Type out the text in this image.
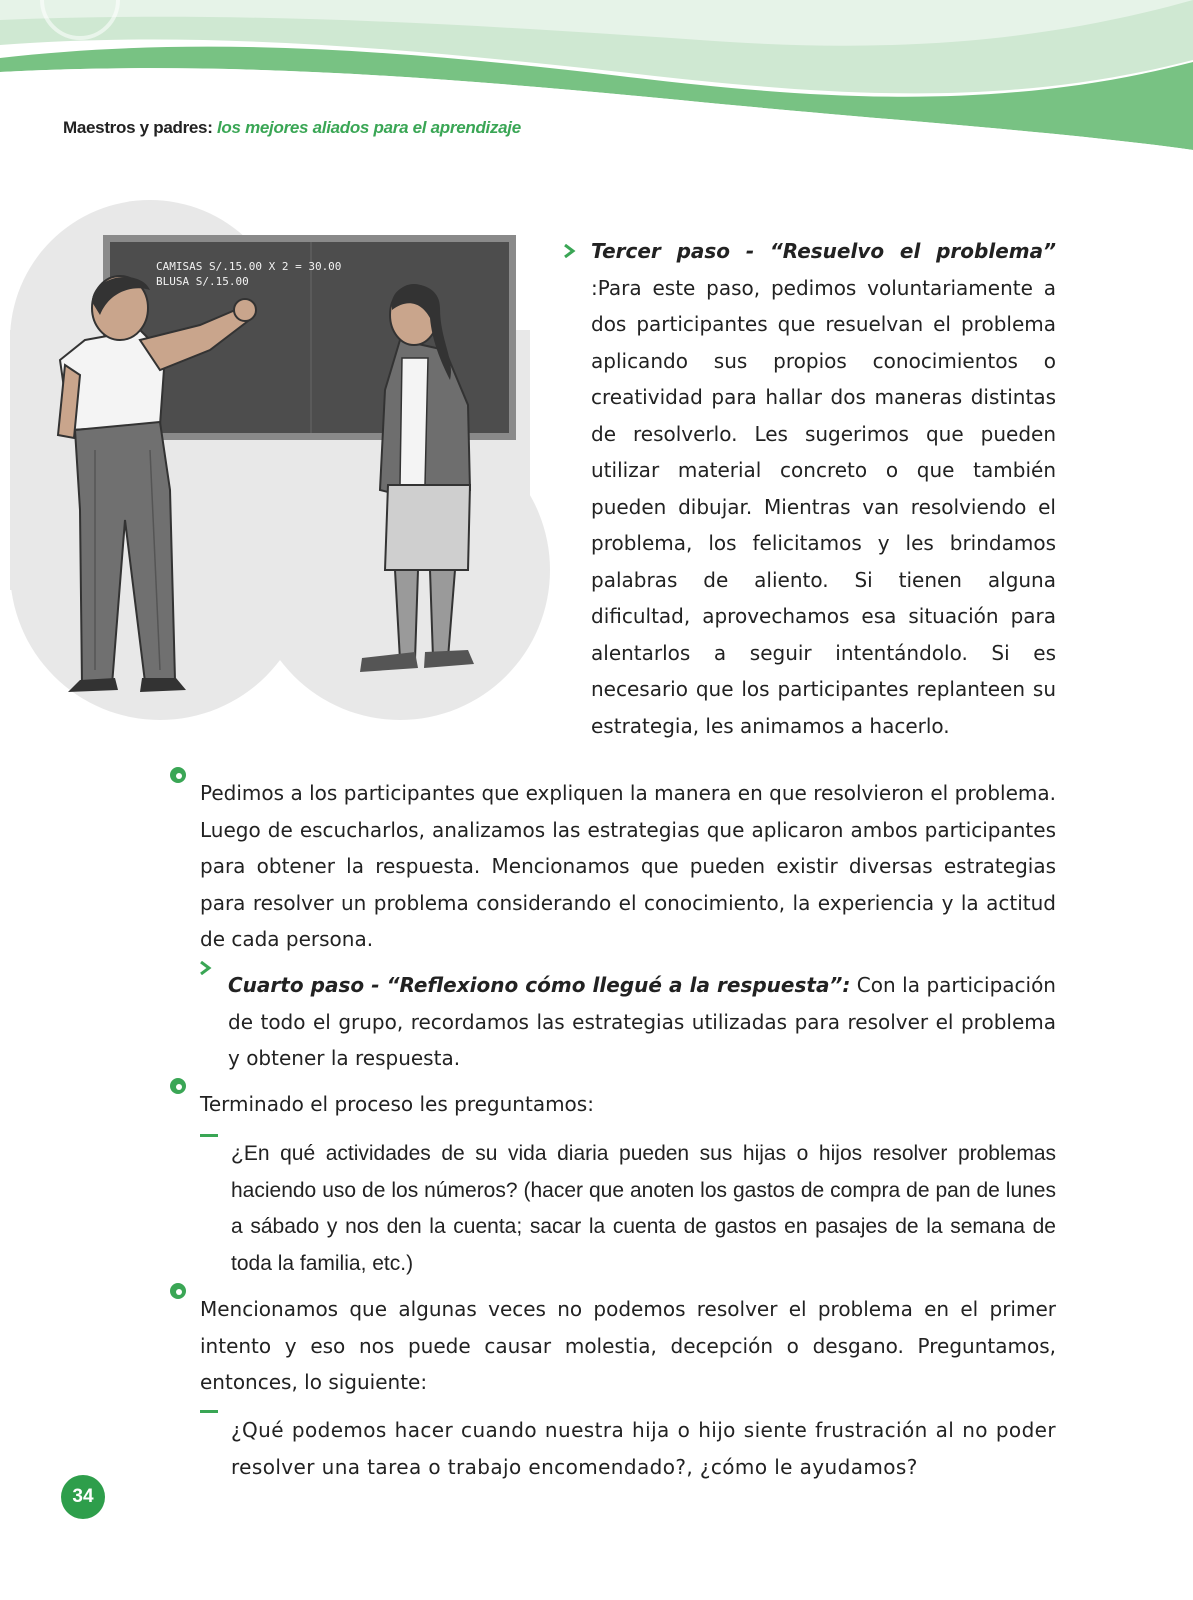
Maestros y padres: los mejores aliados para el aprendizaje
CAMISAS S/.15.00 X 2 = 30.00
BLUSA S/.15.00
Tercer paso - “Resuelvo el problema” :Para este paso, pedimos voluntariamente a dos participantes que resuelvan el problema aplicando sus propios conocimientos o creatividad para hallar dos maneras distintas de resolverlo. Les sugerimos que pueden utilizar material concreto o que también pueden dibujar. Mientras van resolviendo el problema, los felicitamos y les brindamos palabras de aliento. Si tienen alguna dificultad, aprovechamos esa situación para alentarlos a seguir intentándolo. Si es necesario que los participantes replanteen su estrategia, les animamos a hacerlo.
Pedimos a los participantes que expliquen la manera en que resolvieron el problema. Luego de escucharlos, analizamos las estrategias que aplicaron ambos participantes para obtener la respuesta. Mencionamos que pueden existir diversas estrategias para resolver un problema considerando el conocimiento, la experiencia y la actitud de cada persona.
Cuarto paso - “Reflexiono cómo llegué a la respuesta”: Con la participación de todo el grupo, recordamos las estrategias utilizadas para resolver el problema y obtener la respuesta.
Terminado el proceso les preguntamos:
¿En qué actividades de su vida diaria pueden sus hijas o hijos resolver problemas haciendo uso de los números? (hacer que anoten los gastos de compra de pan de lunes a sábado y nos den la cuenta; sacar la cuenta de gastos en pasajes de la semana de toda la familia, etc.)
Mencionamos que algunas veces no podemos resolver el problema en el primer intento y eso nos puede causar molestia, decepción o desgano. Preguntamos, entonces, lo siguiente:
¿Qué podemos hacer cuando nuestra hija o hijo siente frustración al no poder resolver una tarea o trabajo encomendado?, ¿cómo le ayudamos?
34
